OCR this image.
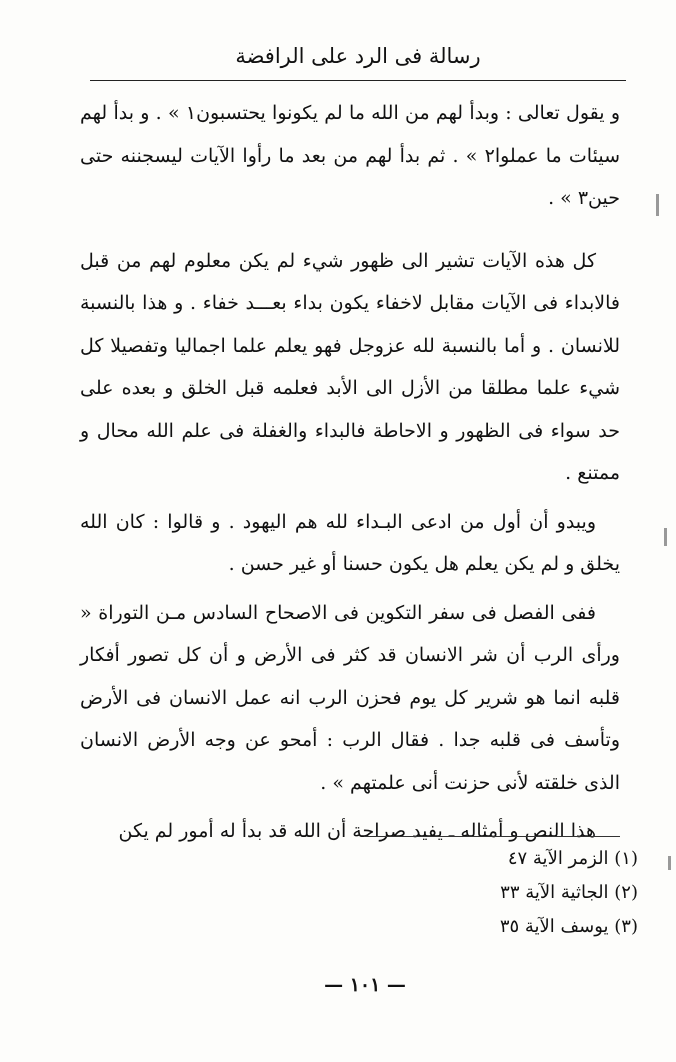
رسالة فى الرد على الرافضة

و يقول تعالى : وبدأ لهم من الله ما لم يكونوا يحتسبون١ » . و بدأ لهم سيئات ما عملوا٢ » . ثم بدأ لهم من بعد ما رأوا الآيات ليسجننه حتى حين٣ » .

كل هذه الآيات تشير الى ظهور شيء لم يكن معلوم لهم من قبل فالابداء فى الآيات مقابل لاخفاء يكون بداء بعـــد خفاء . و هذا بالنسبة للانسان . و أما بالنسبة لله عزوجل فهو يعلم علما اجماليا وتفصيلا كل شيء علما مطلقا من الأزل الى الأبد فعلمه قبل الخلق و بعده على حد سواء فى الظهور و الاحاطة فالبداء والغفلة فى علم الله محال و ممتنع .

ويبدو أن أول من ادعى البـداء لله هم اليهود . و قالوا : كان الله يخلق و لم يكن يعلم هل يكون حسنا أو غير حسن .

ففى الفصل فى سفر التكوين فى الاصحاح السادس مـن التوراة « ورأى الرب أن شر الانسان قد كثر فى الأرض و أن كل تصور أفكار قلبه انما هو شرير كل يوم فحزن الرب انه عمل الانسان فى الأرض وتأسف فى قلبه جدا . فقال الرب : أمحو عن وجه الأرض الانسان الذى خلقته لأنى حزنت أنى علمتهم » .

هذا النص و أمثاله ـ يفيد صراحة أن الله قد بدأ له أمور لم يكن

(١) الزمر الآية ٤٧
(٢) الجاثية الآية ٣٣
(٣) يوسف الآية ٣٥
— ١٠١ —
